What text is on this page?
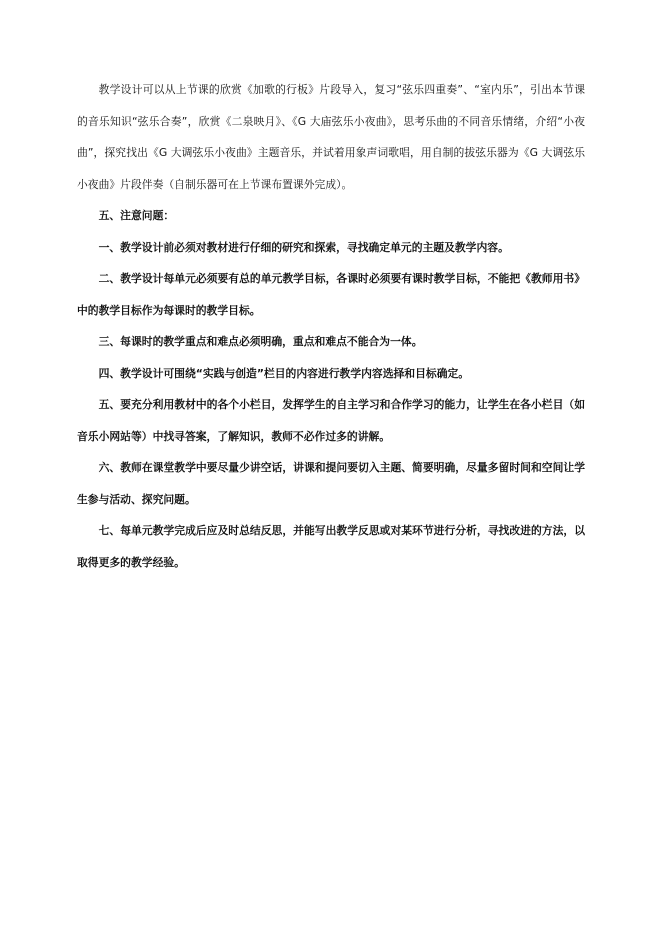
教学设计可以从上节课的欣赏《加歌的行板》片段导入，复习“弦乐四重奏”、“室内乐”，引出本节课的音乐知识“弦乐合奏”，欣赏《二泉映月》、《G 大庙弦乐小夜曲》，思考乐曲的不同音乐情绪，介绍“小夜曲”，探究找出《G 大调弦乐小夜曲》主题音乐，并试着用象声词歌唱，用自制的拔弦乐器为《G 大调弦乐小夜曲》片段伴奏（自制乐器可在上节课布置课外完成）。

五、注意问题：

一、教学设计前必须对教材进行仔细的研究和探索，寻找确定单元的主题及教学内容。

二、教学设计每单元必须要有总的单元教学目标，各课时必须要有课时教学目标，不能把《教师用书》中的教学目标作为每课时的教学目标。

三、每课时的教学重点和难点必须明确，重点和难点不能合为一体。

四、教学设计可围绕“实践与创造”栏目的内容进行教学内容选择和目标确定。

五、要充分利用教材中的各个小栏目，发挥学生的自主学习和合作学习的能力，让学生在各小栏目（如音乐小网站等）中找寻答案，了解知识，教师不必作过多的讲解。

六、教师在课堂教学中要尽量少讲空话，讲课和提问要切入主题、简要明确，尽量多留时间和空间让学生参与活动、探究问题。

七、每单元教学完成后应及时总结反思，并能写出教学反思或对某环节进行分析，寻找改进的方法，以取得更多的教学经验。
